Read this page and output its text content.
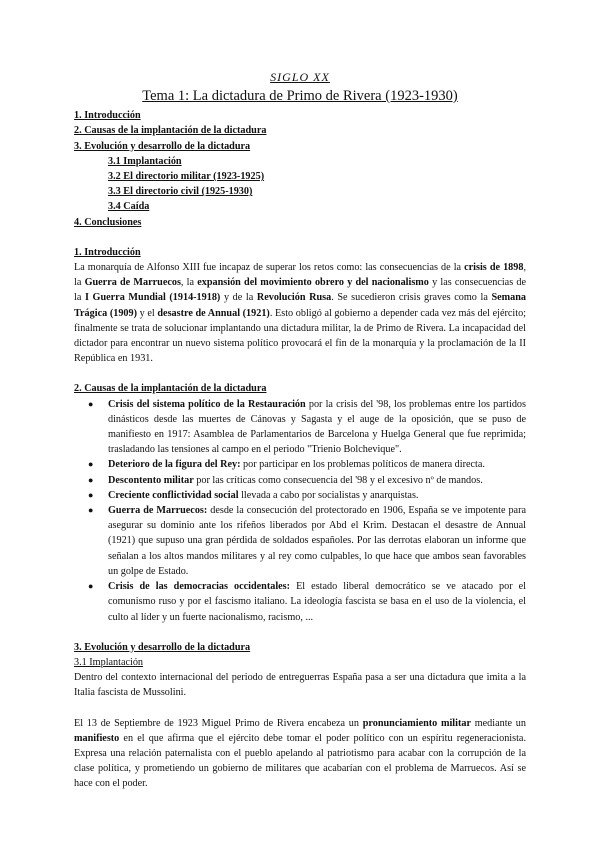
SIGLO XX
Tema 1: La dictadura de Primo de Rivera (1923-1930)
1. Introducción
2. Causas de la implantación de la dictadura
3. Evolución y desarrollo de la dictadura
3.1 Implantación
3.2 El directorio militar (1923-1925)
3.3 El directorio civil (1925-1930)
3.4 Caída
4. Conclusiones
1. Introducción

La monarquía de Alfonso XIII fue incapaz de superar los retos como: las consecuencias de la crisis de 1898, la Guerra de Marruecos, la expansión del movimiento obrero y del nacionalismo y las consecuencias de la I Guerra Mundial (1914-1918) y de la Revolución Rusa. Se sucedieron crisis graves como la Semana Trágica (1909) y el desastre de Annual (1921). Esto obligó al gobierno a depender cada vez más del ejército; finalmente se trata de solucionar implantando una dictadura militar, la de Primo de Rivera. La incapacidad del dictador para encontrar un nuevo sistema político provocará el fin de la monarquía y la proclamación de la II República en 1931.

2. Causas de la implantación de la dictadura
● Crisis del sistema político de la Restauración por la crisis del '98, los problemas entre los partidos dinásticos desde las muertes de Cánovas y Sagasta y el auge de la oposición, que se puso de manifiesto en 1917: Asamblea de Parlamentarios de Barcelona y Huelga General que fue reprimida; trasladando las tensiones al campo en el periodo "Trienio Bolchevique".
● Deterioro de la figura del Rey: por participar en los problemas políticos de manera directa.
● Descontento militar por las críticas como consecuencia del '98 y el excesivo nº de mandos.
● Creciente conflictividad social llevada a cabo por socialistas y anarquistas.
● Guerra de Marruecos: desde la consecución del protectorado en 1906, España se ve impotente para asegurar su dominio ante los rifeños liberados por Abd el Krim. Destacan el desastre de Annual (1921) que supuso una gran pérdida de soldados españoles. Por las derrotas elaboran un informe que señalan a los altos mandos militares y al rey como culpables, lo que hace que ambos sean favorables un golpe de Estado.
● Crisis de las democracias occidentales: El estado liberal democrático se ve atacado por el comunismo ruso y por el fascismo italiano. La ideología fascista se basa en el uso de la violencia, el culto al líder y un fuerte nacionalismo, racismo, ...
3. Evolución y desarrollo de la dictadura
3.1 Implantación

Dentro del contexto internacional del periodo de entreguerras España pasa a ser una dictadura que imita a la Italia fascista de Mussolini.

El 13 de Septiembre de 1923 Miguel Primo de Rivera encabeza un pronunciamiento militar mediante un manifiesto en el que afirma que el ejército debe tomar el poder político con un espíritu regeneracionista. Expresa una relación paternalista con el pueblo apelando al patriotismo para acabar con la corrupción de la clase política, y prometiendo un gobierno de militares que acabarían con el problema de Marruecos. Así se hace con el poder.
